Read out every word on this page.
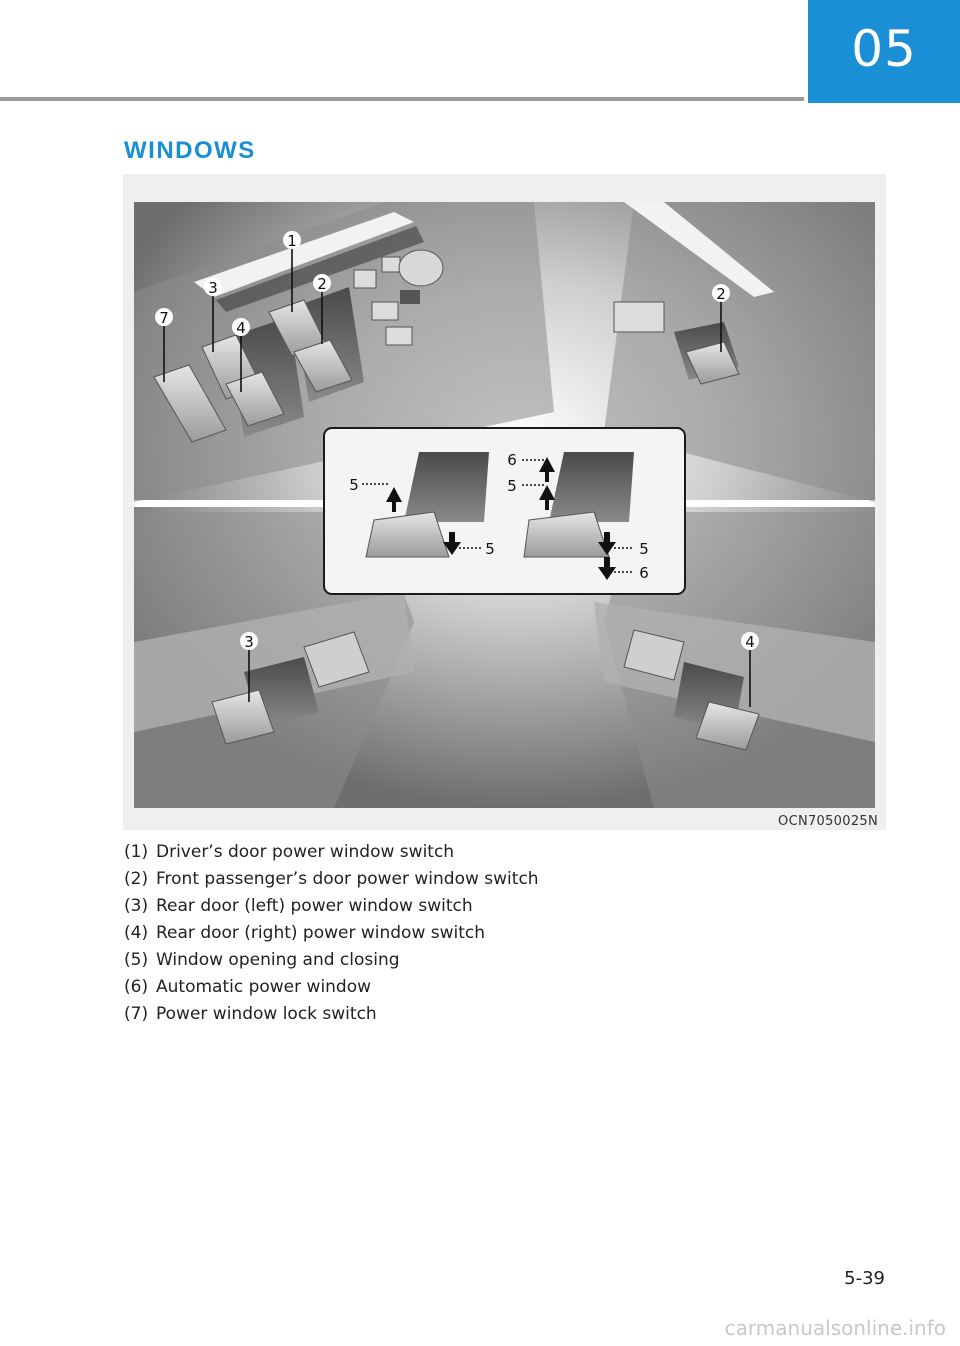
05
WINDOWS
1
2
3
4
7
2
3	4
5
5
6
5
5
6
OCN7050025N
(1) Driver’s door power window switch
(2) Front passenger’s door power window switch
(3) Rear door (left) power window switch
(4) Rear door (right) power window switch
(5) Window opening and closing
(6) Automatic power window
(7) Power window lock switch
5-39
carmanualsonline.info
